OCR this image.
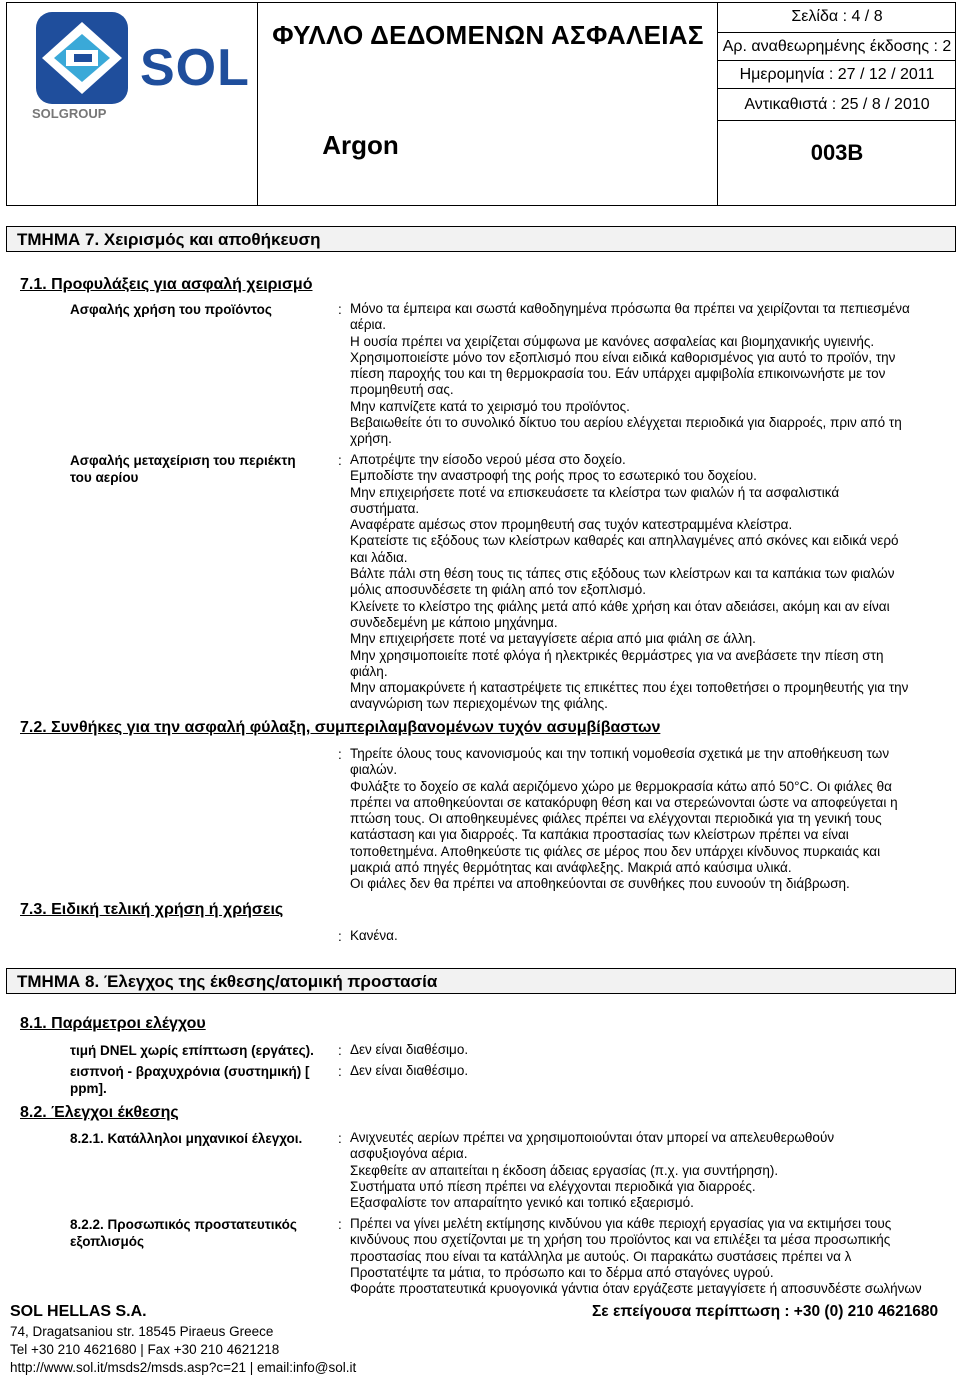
SOL
SOLGROUP
ΦΥΛΛΟ ΔΕΔΟΜΕΝΩΝ ΑΣΦΑΛΕΙΑΣ
Argon
Σελίδα : 4 / 8
Αρ. αναθεωρημένης έκδοσης : 2
Ημερομηνία : 27 / 12 / 2011
Αντικαθιστά : 25 / 8 / 2010
003B
ΤΜΗΜΑ 7. Χειρισμός και αποθήκευση
7.1. Προφυλάξεις για ασφαλή χειρισμό
Ασφαλής χρήση του προϊόντος	: Μόνο τα έμπειρα και σωστά καθοδηγημένα πρόσωπα θα πρέπει να χειρίζονται τα πεπιεσμένα
αέρια.
Η ουσία πρέπει να χειρίζεται σύμφωνα με κανόνες ασφαλείας και βιομηχανικής υγιεινής.
Χρησιμοποιείστε μόνο τον εξοπλισμό που είναι ειδικά καθορισμένος για αυτό το προϊόν, την
πίεση παροχής του και τη θερμοκρασία του. Εάν υπάρχει αμφιβολία επικοινωνήστε με τον
προμηθευτή σας.
Μην καπνίζετε κατά το χειρισμό του προϊόντος.
Βεβαιωθείτε ότι το συνολικό δίκτυο του αερίου ελέγχεται περιοδικά για διαρροές, πριν από τη
χρήση.
Ασφαλής μεταχείριση του περιέκτη
του αερίου
: Αποτρέψτε την είσοδο νερού μέσα στο δοχείο.
Εμποδίστε την αναστροφή της ροής προς το εσωτερικό του δοχείου.
Μην επιχειρήσετε ποτέ να επισκευάσετε τα κλείστρα των φιαλών ή τα ασφαλιστικά
συστήματα.
Αναφέρατε αμέσως στον προμηθευτή σας τυχόν κατεστραμμένα κλείστρα.
Κρατείστε τις εξόδους των κλείστρων καθαρές και απηλλαγμένες από σκόνες και ειδικά νερό
και λάδια.
Βάλτε πάλι στη θέση τους τις τάπες στις εξόδους των κλείστρων και τα καπάκια των φιαλών
μόλις αποσυνδέσετε τη φιάλη από τον εξοπλισμό.
Κλείνετε το κλείστρο της φιάλης μετά από κάθε χρήση και όταν αδειάσει, ακόμη και αν είναι
συνδεδεμένη με κάποιο μηχάνημα.
Μην επιχειρήσετε ποτέ να μεταγγίσετε αέρια από μια φιάλη σε άλλη.
Μην χρησιμοποιείτε ποτέ φλόγα ή ηλεκτρικές θερμάστρες για να ανεβάσετε την πίεση στη
φιάλη.
Μην απομακρύνετε ή καταστρέψετε τις επικέττες που έχει τοποθετήσει ο προμηθευτής για την
αναγνώριση των περιεχομένων της φιάλης.
7.2. Συνθήκες για την ασφαλή φύλαξη, συμπεριλαμβανομένων τυχόν ασυμβίβαστων
: Τηρείτε όλους τους κανονισμούς και την τοπική νομοθεσία σχετικά με την αποθήκευση των
φιαλών.
Φυλάξτε το δοχείο σε καλά αεριζόμενο χώρο με θερμοκρασία κάτω από 50°C. Οι φιάλες θα
πρέπει να αποθηκεύονται σε κατακόρυφη θέση και να στερεώνονται ώστε να αποφεύγεται η
πτώση τους. Οι αποθηκευμένες φιάλες πρέπει να ελέγχονται περιοδικά για τη γενική τους
κατάσταση και για διαρροές. Τα καπάκια προστασίας των κλείστρων πρέπει να είναι
τοποθετημένα. Αποθηκεύστε τις φιάλες σε μέρος που δεν υπάρχει κίνδυνος πυρκαιάς και
μακριά από πηγές θερμότητας και ανάφλεξης. Μακριά από καύσιμα υλικά.
Οι φιάλες δεν θα πρέπει να αποθηκεύονται σε συνθήκες που ευνοούν τη διάβρωση.
7.3. Ειδική τελική χρήση ή χρήσεις
: Κανένα.
ΤΜΗΜΑ 8. Έλεγχος της έκθεσης/ατομική προστασία
8.1. Παράμετροι ελέγχου
τιμή DNEL χωρίς επίπτωση (εργάτες). : Δεν είναι διαθέσιμο.
εισπνοή - βραχυχρόνια (συστημική) [
ppm].
: Δεν είναι διαθέσιμο.
8.2. Έλεγχοι έκθεσης
8.2.1. Κατάλληλοι μηχανικοί έλεγχοι.	: Ανιχνευτές αερίων πρέπει να χρησιμοποιούνται όταν μπορεί να απελευθερωθούν
ασφυξιογόνα αέρια.
Σκεφθείτε αν απαιτείται η έκδοση άδειας εργασίας (π.χ. για συντήρηση).
Συστήματα υπό πίεση πρέπει να ελέγχονται περιοδικά για διαρροές.
Εξασφαλίστε τον απαραίτητο γενικό και τοπικό εξαερισμό.
8.2.2. Προσωπικός προστατευτικός
εξοπλισμός
: Πρέπει να γίνει μελέτη εκτίμησης κινδύνου για κάθε περιοχή εργασίας για να εκτιμήσει τους
κινδύνους που σχετίζονται με τη χρήση του προϊόντος και να επιλέξει τα μέσα προσωπικής
προστασίας που είναι τα κατάλληλα με αυτούς. Οι παρακάτω συστάσεις πρέπει να λ
Προστατέψτε τα μάτια, το πρόσωπο και το δέρμα από σταγόνες υγρού.
Φοράτε προστατευτικά κρυογονικά γάντια όταν εργάζεστε μεταγγίσετε ή αποσυνδέστε σωλήνων
SOL HELLAS S.A.
74, Dragatsaniou str. 18545 Piraeus Greece
Tel +30 210 4621680 | Fax +30 210 4621218
http://www.sol.it/msds2/msds.asp?c=21 | email:info@sol.it
Σε επείγουσα περίπτωση : +30 (0) 210 4621680
